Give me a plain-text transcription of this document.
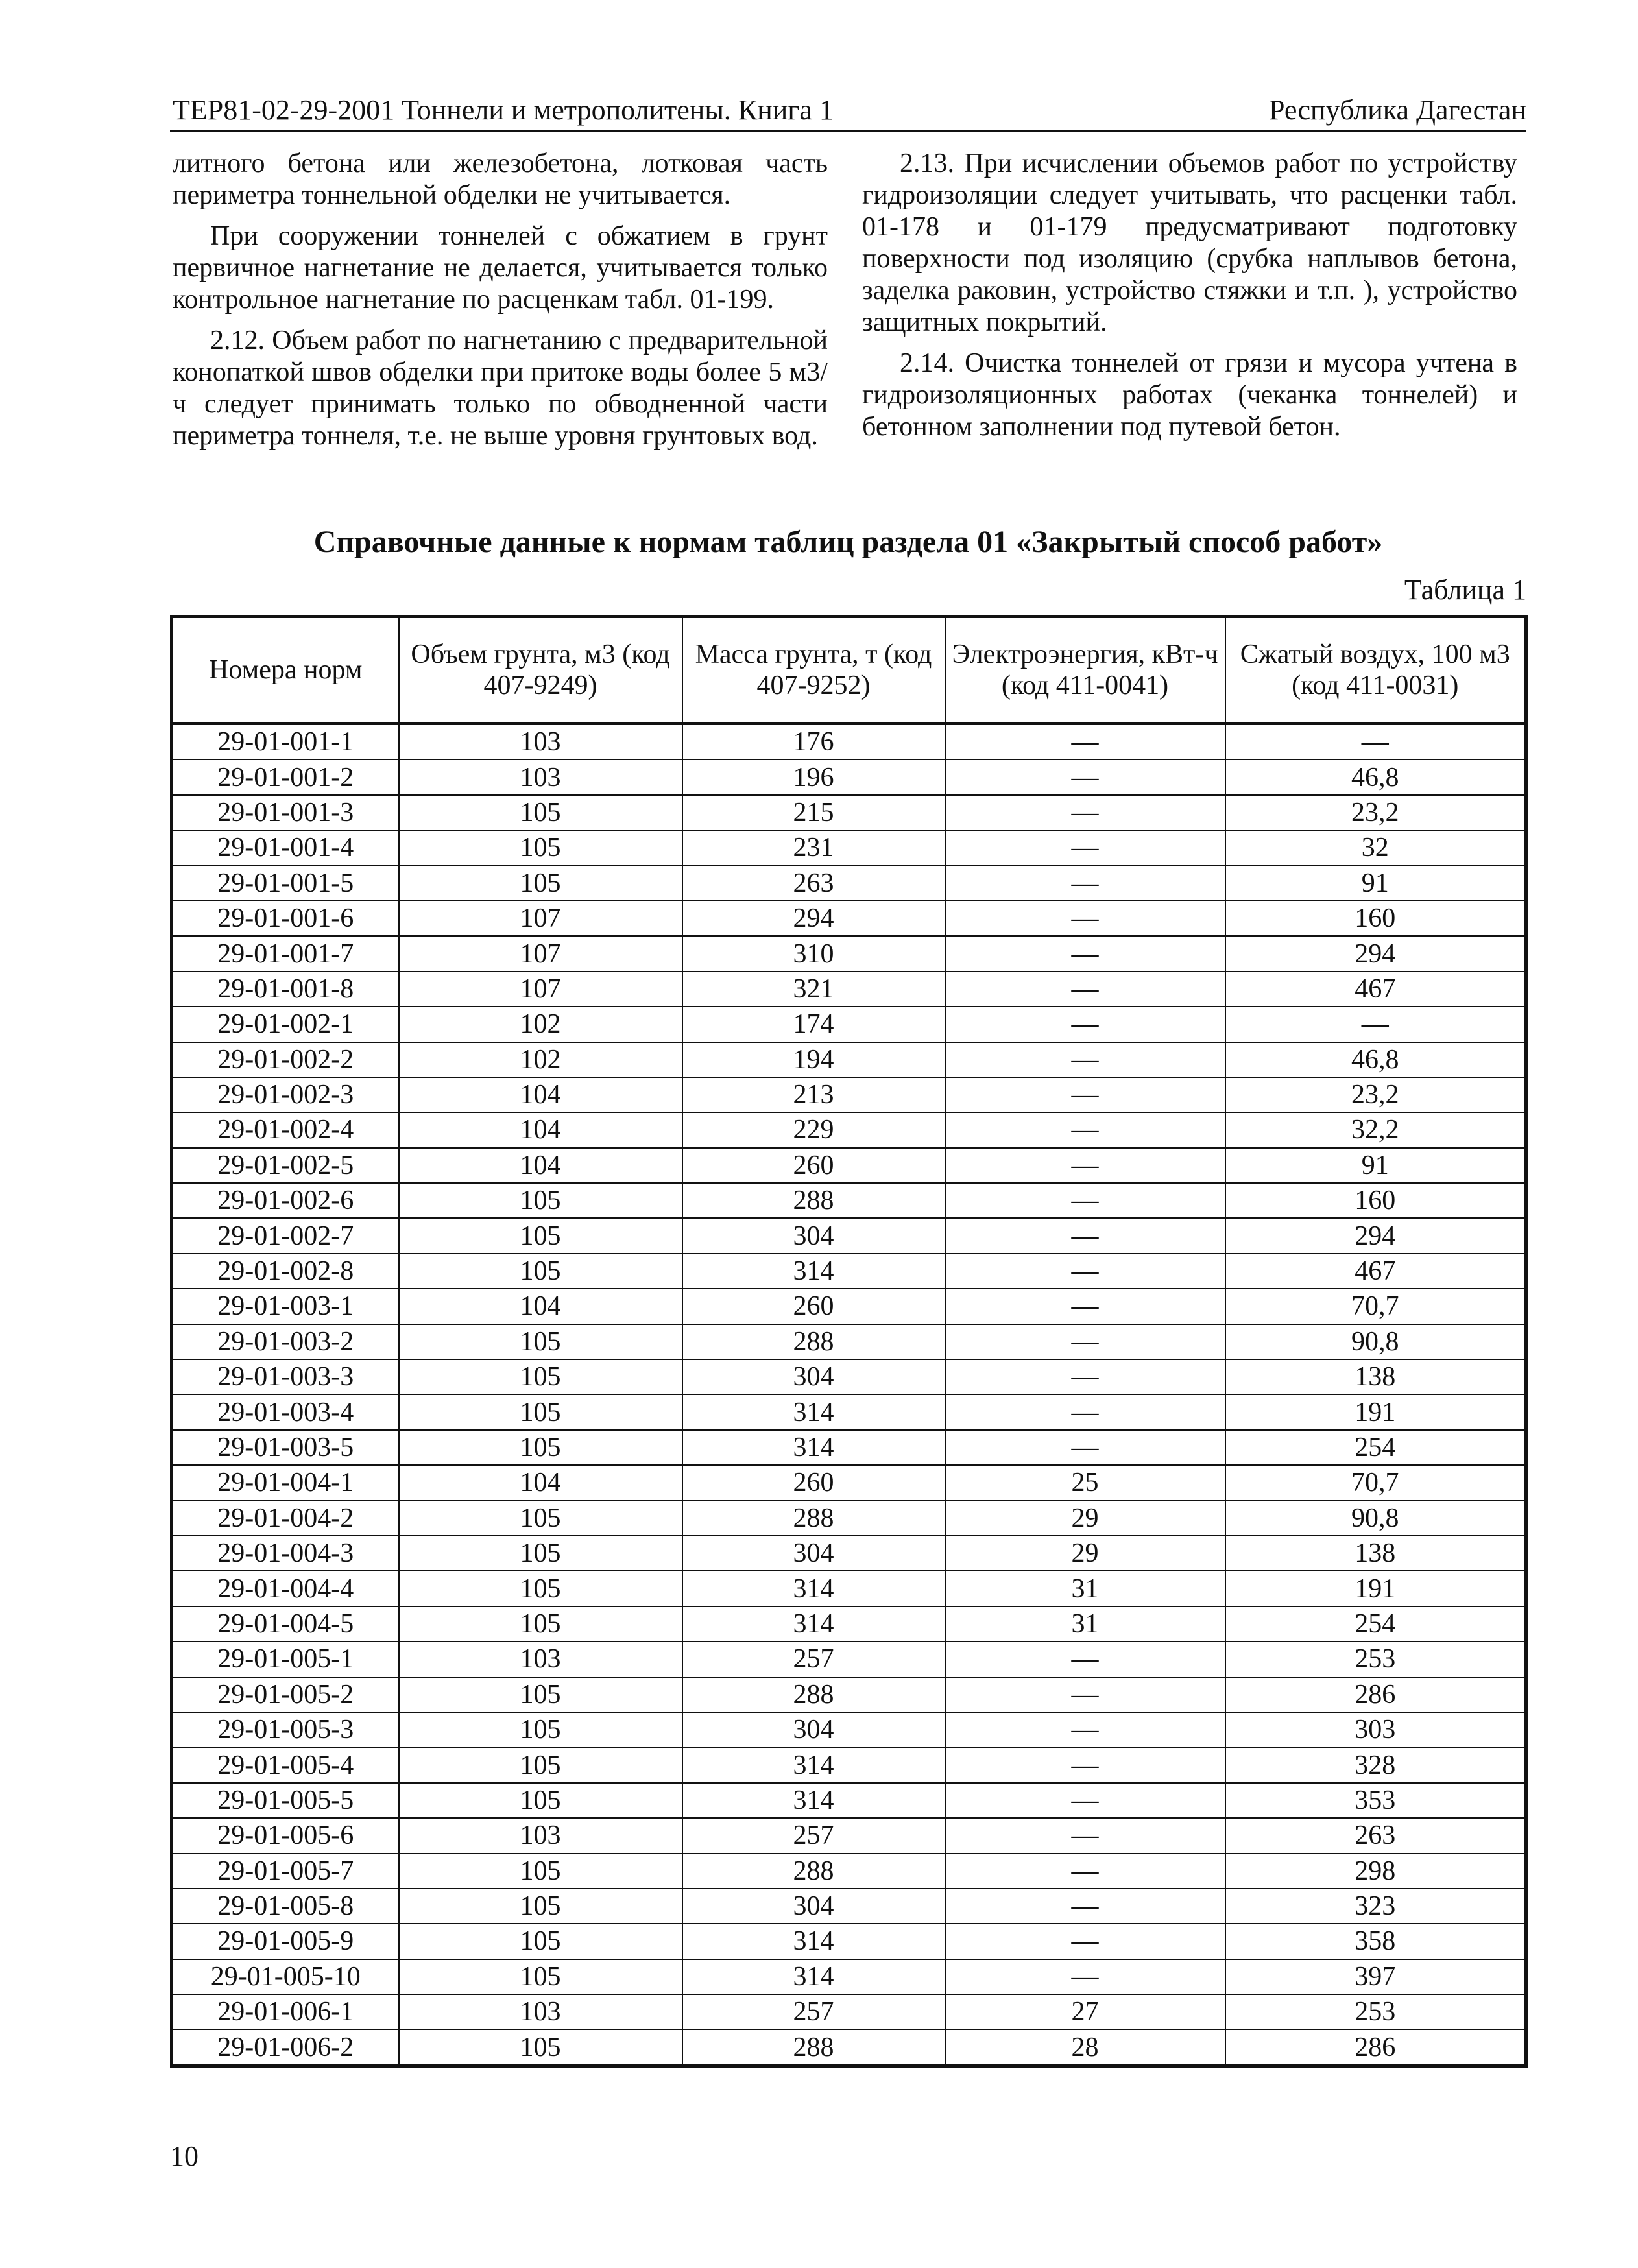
ТЕР81-02-29-2001 Тоннели и метрополитены. Книга 1	Республика Дагестан

литного бетона или железобетона, лотковая часть периметра тоннельной обделки не учитывается.

При сооружении тоннелей с обжатием в грунт первичное нагнетание не делается, учитывается только контрольное нагнетание по расценкам табл. 01-199.

2.12. Объем работ по нагнетанию с предварительной конопаткой швов обделки при притоке воды более 5 м3/ч следует принимать только по обводненной части периметра тоннеля, т.е. не выше уровня грунтовых вод.

2.13. При исчислении объемов работ по устройству гидроизоляции следует учитывать, что расценки табл. 01-178 и 01-179 предусматривают подготовку поверхности под изоляцию (срубка наплывов бетона, заделка раковин, устройство стяжки и т.п. ), устройство защитных покрытий.

2.14. Очистка тоннелей от грязи и мусора учтена в гидроизоляционных работах (чеканка тоннелей) и бетонном заполнении под путевой бетон.

Справочные данные к нормам таблиц раздела 01 «Закрытый способ работ»
Таблица 1
Номера норм	Объем грунта, м3 (код 407-9249)	Масса грунта, т (код 407-9252)	Электроэнергия, кВт-ч (код 411-0041)	Сжатый воздух, 100 м3 (код 411-0031)
29-01-001-1	103	176	—	—
29-01-001-2	103	196	—	46,8
29-01-001-3	105	215	—	23,2
29-01-001-4	105	231	—	32
29-01-001-5	105	263	—	91
29-01-001-6	107	294	—	160
29-01-001-7	107	310	—	294
29-01-001-8	107	321	—	467
29-01-002-1	102	174	—	—
29-01-002-2	102	194	—	46,8
29-01-002-3	104	213	—	23,2
29-01-002-4	104	229	—	32,2
29-01-002-5	104	260	—	91
29-01-002-6	105	288	—	160
29-01-002-7	105	304	—	294
29-01-002-8	105	314	—	467
29-01-003-1	104	260	—	70,7
29-01-003-2	105	288	—	90,8
29-01-003-3	105	304	—	138
29-01-003-4	105	314	—	191
29-01-003-5	105	314	—	254
29-01-004-1	104	260	25	70,7
29-01-004-2	105	288	29	90,8
29-01-004-3	105	304	29	138
29-01-004-4	105	314	31	191
29-01-004-5	105	314	31	254
29-01-005-1	103	257	—	253
29-01-005-2	105	288	—	286
29-01-005-3	105	304	—	303
29-01-005-4	105	314	—	328
29-01-005-5	105	314	—	353
29-01-005-6	103	257	—	263
29-01-005-7	105	288	—	298
29-01-005-8	105	304	—	323
29-01-005-9	105	314	—	358
29-01-005-10	105	314	—	397
29-01-006-1	103	257	27	253
29-01-006-2	105	288	28	286
10
